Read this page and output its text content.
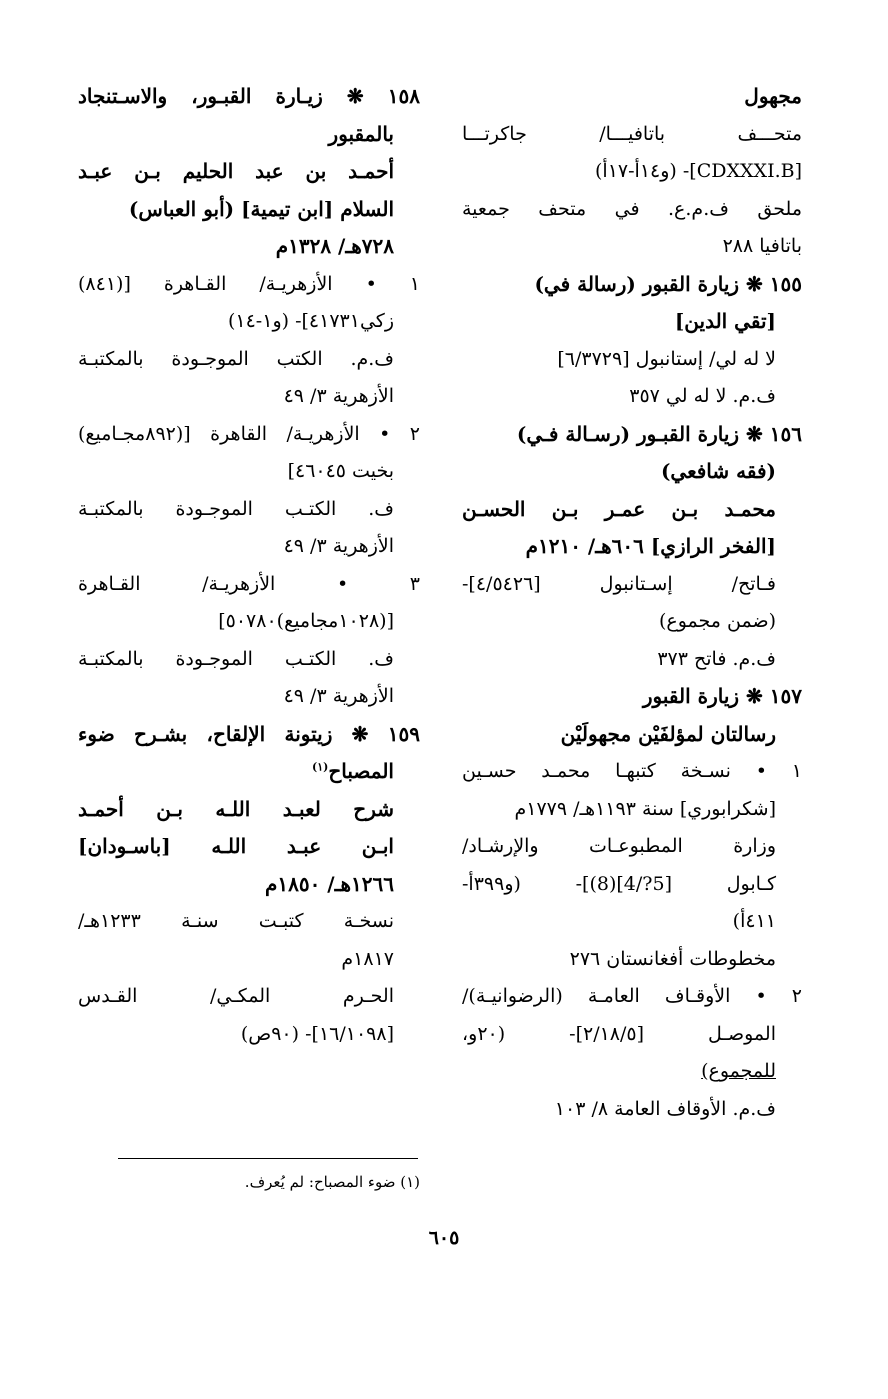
مجهول
متحـــف باتافيـــا/ جاكرتـــا
[CDXXXI.B]- (و١٤أ-١٧أ)
ملحق ف.م.ع. في متحف جمعية
باتافيا ٢٨٨
١٥٥ ❋ زيارة القبور (رسالة في)
[تقي الدين]
لا له لي/ إستانبول [٦/٣٧٢٩]
ف.م. لا له لي ٣٥٧
١٥٦ ❋ زيارة القبـور (رسـالة فـي)
(فقه شافعي)
محمـد بـن عمـر بـن الحسـن
[الفخر الرازي] ٦٠٦هـ/ ١٢١٠م
فـاتح/ إسـتانبول [٤/٥٤٢٦]-
(ضمن مجموع)
ف.م. فاتح ٣٧٣
١٥٧ ❋ زيارة القبور
رسالتان لمؤلفَيْن مجهولَيْن
١ • نسـخة كتبهـا محمـد حسـين
[شكرابوري] سنة ١١٩٣هـ/ ١٧٧٩م
وزارة المطبوعـات والإرشـاد/
كـابول [5?/4](8)]- (و٣٩٩أ-
٤١١أ)
مخطوطات أفغانستان ٢٧٦
٢ • الأوقـاف العامـة (الرضوانيـة)/
الموصـل [٢/١٨/٥]- (٢٠و،
للمجموع)
ف.م. الأوقاف العامة ٨/ ١٠٣
١٥٨ ❋ زيـارة القبـور، والاسـتنجاد
بالمقبور
أحمـد بن عبد الحليم بـن عبـد
السلام [ابن تيمية] (أبو العباس)
٧٢٨هـ/ ١٣٢٨م
١ • الأزهريـة/ القـاهرة [(٨٤١)
زكي٤١٧٣١]- (و١-١٤)
ف.م. الكتب الموجـودة بالمكتبـة
الأزهرية ٣/ ٤٩
٢ • الأزهريـة/ القاهرة [(٨٩٢مجـاميع)
بخيت ٤٦٠٤٥]
ف. الكتـب الموجـودة بالمكتبـة
الأزهرية ٣/ ٤٩
٣ • الأزهريـة/ القـاهرة
[(١٠٢٨مجاميع)٥٠٧٨٠]
ف. الكتـب الموجـودة بالمكتبـة
الأزهرية ٣/ ٤٩
١٥٩ ❋ زيتونة الإلقاح، بشـرح ضوء
المصباح$^{(١)}$
شرح لعبـد اللـه بـن أحمـد
ابـن عبـد اللـه [باسـودان]
١٢٦٦هـ/ ١٨٥٠م
نسخـة كتبـت سنـة ١٢٣٣هـ/
١٨١٧م
الحـرم المكـي/ القـدس
[١٦/١٠٩٨]- (٩٠ص)
(١) ضوء المصباح: لم يُعرف.
٦٠٥
